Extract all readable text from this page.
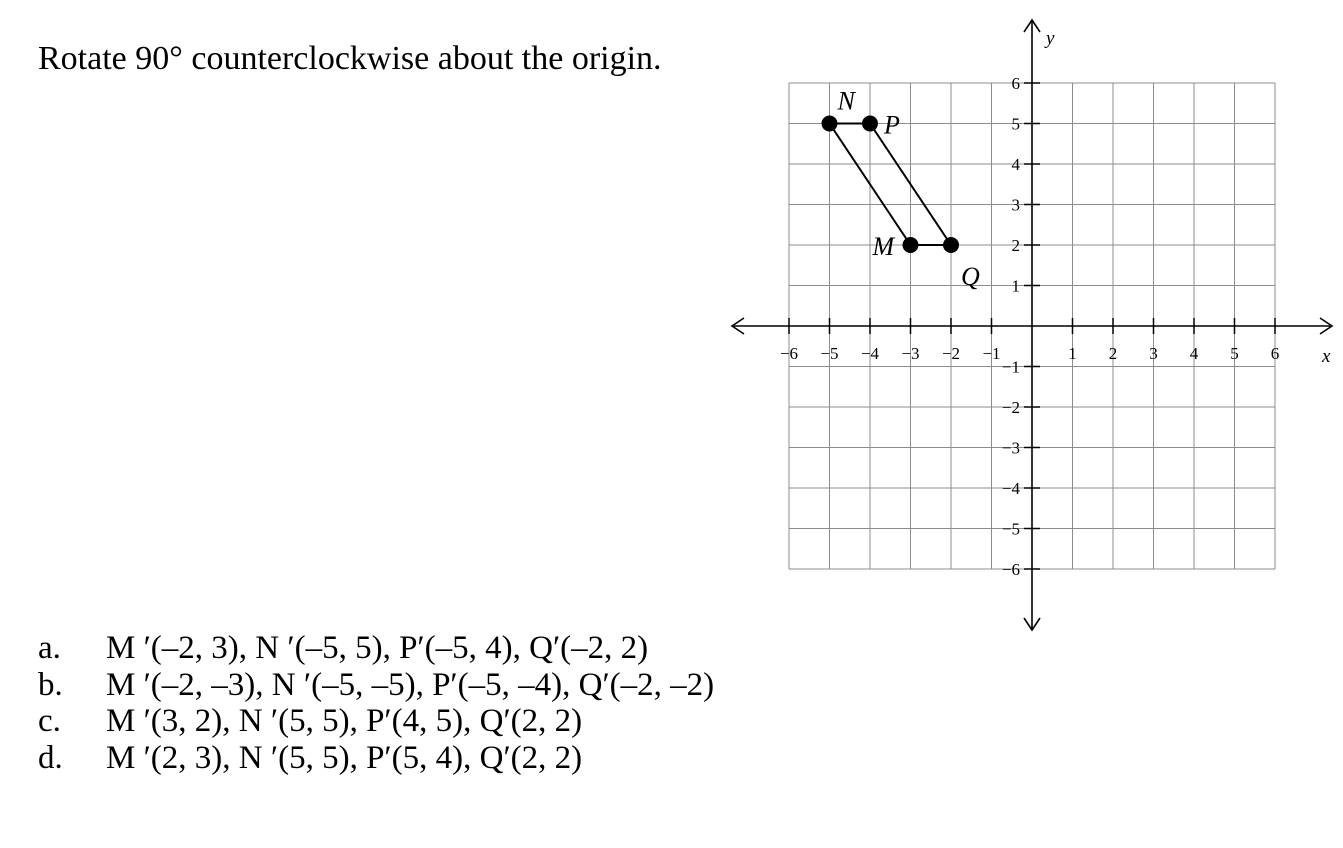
Rotate 90° counterclockwise about the origin.
x
y
−6 −5 −4 −3 −2 −1	1 2 3 4 5 6
6
5
4
3
2
1
−1
−2
−3
−4
−5
−6
N
P
Q
M
a. M ′(–2, 3), N ′(–5, 5), P′(–5, 4), Q′(–2, 2)
b. M ′(–2, –3), N ′(–5, –5), P′(–5, –4), Q′(–2, –2)
c. M ′(3, 2), N ′(5, 5), P′(4, 5), Q′(2, 2)
d. M ′(2, 3), N ′(5, 5), P′(5, 4), Q′(2, 2)
